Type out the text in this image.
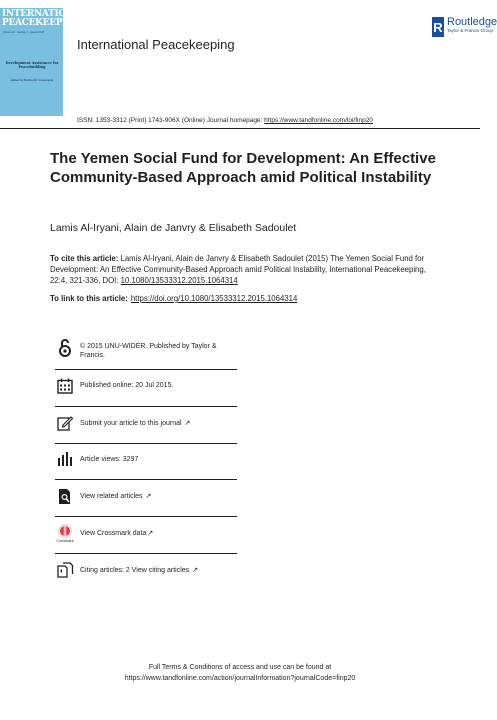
INTERNATIONAL PEACEKEEPING
Volume 22 · Number 4 · August 2015
Development Assistance for Peacebuilding
Edited by Rachel M. Gisselquist
International Peacekeeping
R Routledge
Taylor & Francis Group
ISSN: 1353-3312 (Print) 1743-906X (Online) Journal homepage: https://www.tandfonline.com/loi/finp20
The Yemen Social Fund for Development: An Effective Community-Based Approach amid Political Instability
Lamis Al-Iryani, Alain de Janvry & Elisabeth Sadoulet
To cite this article: Lamis Al-Iryani, Alain de Janvry & Elisabeth Sadoulet (2015) The Yemen Social Fund for Development: An Effective Community-Based Approach amid Political Instability, International Peacekeeping, 22:4, 321-336, DOI: 10.1080/13533312.2015.1064314
To link to this article: https://doi.org/10.1080/13533312.2015.1064314
© 2015 UNU-WIDER. Published by Taylor & Francis.
Published online: 20 Jul 2015.
Submit your article to this journal ↗︎
Article views: 3297
View related articles ↗︎
CrossMark
View Crossmark data↗︎
Citing articles: 2 View citing articles ↗︎
Full Terms & Conditions of access and use can be found at
https://www.tandfonline.com/action/journalInformation?journalCode=finp20
